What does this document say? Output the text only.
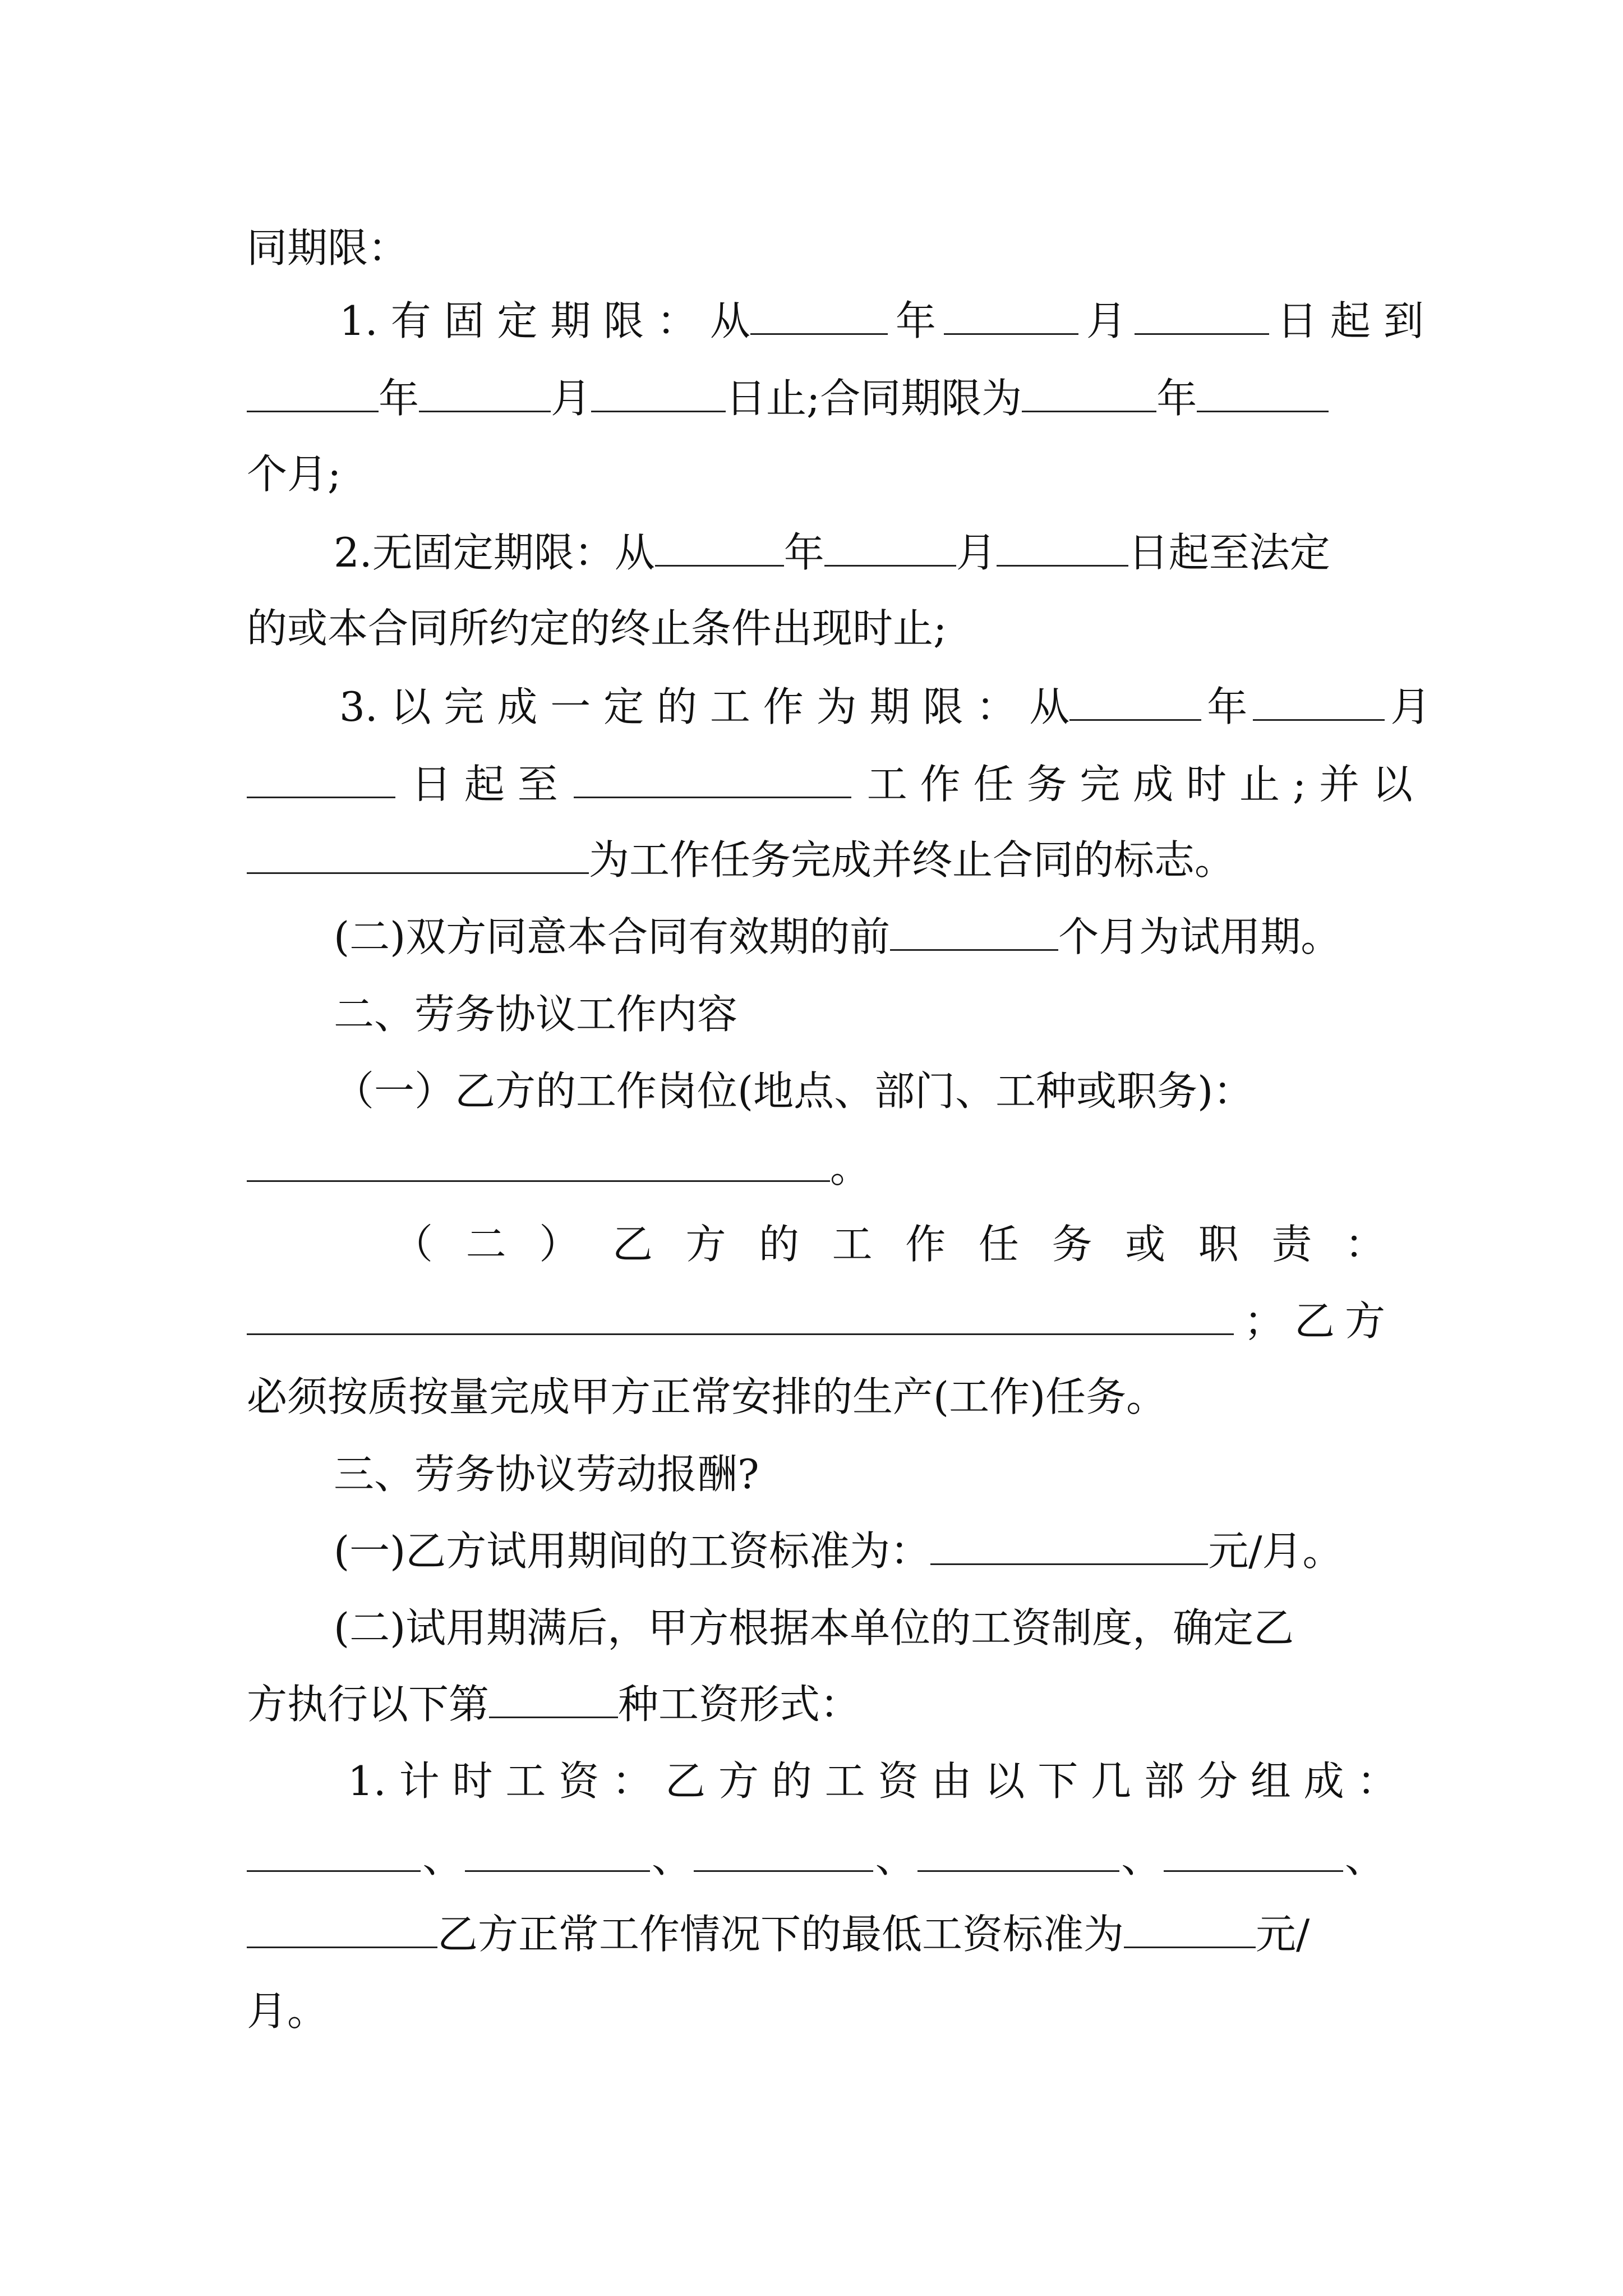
同期限：
1. 有 固 定 期 限 ： 从	年	月	日 起 到
年	月	日止;合同期限为	年
个月;
2.无固定期限：从	年	月	日起至法定
的或本合同所约定的终止条件出现时止;
3. 以 完 成 一 定 的 工 作 为 期 限 ： 从	年	月
日 起 至	工 作 任 务 完 成 时 止 ; 并 以
为工作任务完成并终止合同的标志。
(二)双方同意本合同有效期的前	个月为试用期。
二、劳务协议工作内容
（一）乙方的工作岗位(地点、部门、工种或职务)：
。
（ 二 ） 乙 方 的 工 作 任 务 或 职 责 ：
； 乙 方
必须按质按量完成甲方正常安排的生产(工作)任务。
三、劳务协议劳动报酬?
(一)乙方试用期间的工资标准为：	元/月。
(二)试用期满后，甲方根据本单位的工资制度，确定乙
方执行以下第	种工资形式：
1. 计 时 工 资 ： 乙 方 的 工 资 由 以 下 几 部 分 组 成 ：
、	、	、	、	、
乙方正常工作情况下的最低工资标准为	元/
月。
